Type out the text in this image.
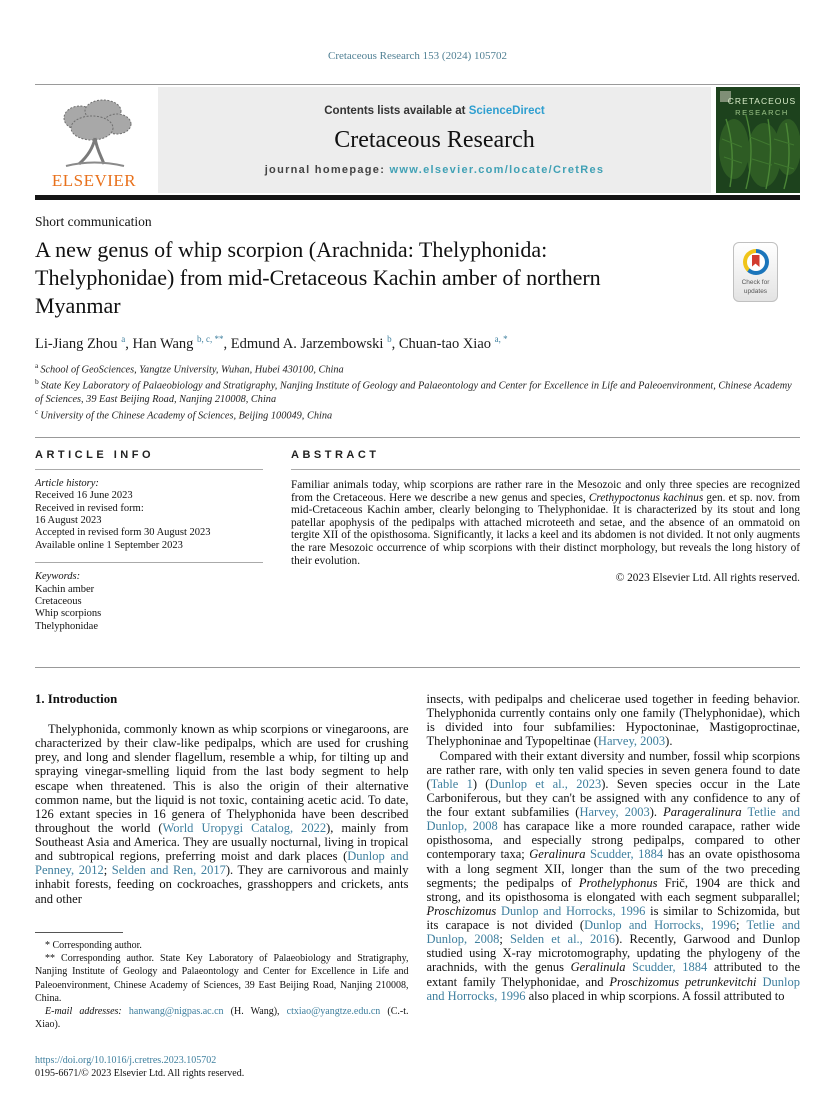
Cretaceous Research 153 (2024) 105702
ELSEVIER
Contents lists available at ScienceDirect
Cretaceous Research
journal homepage: www.elsevier.com/locate/CretRes
CRETACEOUS
RESEARCH
Short communication
A new genus of whip scorpion (Arachnida: Thelyphonida: Thelyphonidae) from mid-Cretaceous Kachin amber of northern Myanmar
Check for
updates
Li-Jiang Zhou $^a$ , Han Wang $^{b, c, **}$ , Edmund A. Jarzembowski $^b$ , Chuan-tao Xiao $^{a, *}$
$^a$ School of GeoSciences, Yangtze University, Wuhan, Hubei 430100, China
$^b$ State Key Laboratory of Palaeobiology and Stratigraphy, Nanjing Institute of Geology and Palaeontology and Center for Excellence in Life and Paleoenvironment, Chinese Academy of Sciences, 39 East Beijing Road, Nanjing 210008, China
$^c$ University of the Chinese Academy of Sciences, Beijing 100049, China
ARTICLE INFO
Article history:
Received 16 June 2023
Received in revised form:
16 August 2023
Accepted in revised form 30 August 2023
Available online 1 September 2023
Keywords:
Kachin amber
Cretaceous
Whip scorpions
Thelyphonidae
ABSTRACT

Familiar animals today, whip scorpions are rather rare in the Mesozoic and only three species are recognized from the Cretaceous. Here we describe a new genus and species, Crethypoctonus kachinus gen. et sp. nov. from mid-Cretaceous Kachin amber, clearly belonging to Thelyphonidae. It is characterized by its stout and long patellar apophysis of the pedipalps with attached microteeth and setae, and the absence of an ommatoid on tergite XII of the opisthosoma. Significantly, it lacks a keel and its abdomen is not divided. It not only augments the rare Mesozoic occurrence of whip scorpions with their distinct morphology, but reveals the long history of their evolution.

© 2023 Elsevier Ltd. All rights reserved.
1. Introduction

Thelyphonida, commonly known as whip scorpions or vinegaroons, are characterized by their claw-like pedipalps, which are used for crushing prey, and long and slender flagellum, resemble a whip, for tilting up and spraying vinegar-smelling liquid from the last body segment to help escape when threatened. This is also the origin of their alternative common name, but the liquid is not toxic, containing acetic acid. To date, 126 extant species in 16 genera of Thelyphonida have been described throughout the world (World Uropygi Catalog, 2022), mainly from Southeast Asia and America. They are usually nocturnal, living in tropical and subtropical regions, preferring moist and dark places (Dunlop and Penney, 2012; Selden and Ren, 2017). They are carnivorous and mainly inhabit forests, feeding on cockroaches, grasshoppers and crickets, ants and other

* Corresponding author.

** Corresponding author. State Key Laboratory of Palaeobiology and Stratigraphy, Nanjing Institute of Geology and Palaeontology and Center for Excellence in Life and Paleoenvironment, Chinese Academy of Sciences, 39 East Beijing Road, Nanjing 210008, China.

E-mail addresses: hanwang@nigpas.ac.cn (H. Wang), ctxiao@yangtze.edu.cn (C.-t. Xiao).

https://doi.org/10.1016/j.cretres.2023.105702
0195-6671/© 2023 Elsevier Ltd. All rights reserved.

insects, with pedipalps and chelicerae used together in feeding behavior. Thelyphonida currently contains only one family (Thelyphonidae), which is divided into four subfamilies: Hypoctoninae, Mastigoproctinae, Thelyphoninae and Typopeltinae (Harvey, 2003).

Compared with their extant diversity and number, fossil whip scorpions are rather rare, with only ten valid species in seven genera found to date (Table 1) (Dunlop et al., 2023). Seven species occur in the Late Carboniferous, but they can't be assigned with any confidence to any of the four extant subfamilies (Harvey, 2003). Parageralinura Tetlie and Dunlop, 2008 has carapace like a more rounded carapace, rather wide opisthosoma, and especially strong pedipalps, compared to other contemporary taxa; Geralinura Scudder, 1884 has an ovate opisthosoma with a long segment XII, longer than the sum of the two preceding segments; the pedipalps of Prothelyphonus Frič, 1904 are thick and strong, and its opisthosoma is elongated with each segment subparallel; Proschizomus Dunlop and Horrocks, 1996 is similar to Schizomida, but its carapace is not divided (Dunlop and Horrocks, 1996; Tetlie and Dunlop, 2008; Selden et al., 2016). Recently, Garwood and Dunlop studied using X-ray microtomography, updating the phylogeny of the arachnids, with the genus Geralinula Scudder, 1884 attributed to the extant family Thelyphonidae, and Proschizomus petrunkevitchi Dunlop and Horrocks, 1996 also placed in whip scorpions. A fossil attributed to
